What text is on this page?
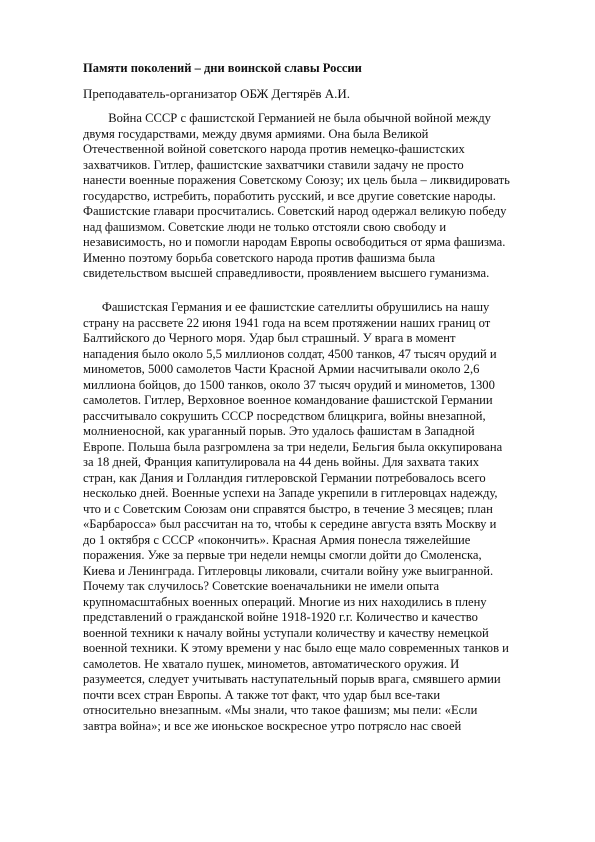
Памяти поколений – дни воинской славы России
Преподаватель-организатор ОБЖ Дегтярёв А.И.
Война СССР с фашистской Германией не была обычной войной между
двумя государствами, между двумя армиями. Она была Великой
Отечественной войной советского народа против немецко-фашистских
захватчиков. Гитлер, фашистские захватчики ставили задачу не просто
нанести военные поражения Советскому Союзу; их цель была – ликвидировать
государство, истребить, поработить русский, и все другие советские народы.
Фашистские главари просчитались. Советский народ одержал великую победу
над фашизмом. Советские люди не только отстояли свою свободу и
независимость, но и помогли народам Европы освободиться от ярма фашизма.
Именно поэтому борьба советского народа против фашизма была
свидетельством высшей справедливости, проявлением высшего гуманизма.
Фашистская Германия и ее фашистские сателлиты обрушились на нашу
страну на рассвете 22 июня 1941 года на всем протяжении наших границ от
Балтийского до Черного моря. Удар был страшный. У врага в момент
нападения было около 5,5 миллионов солдат, 4500 танков, 47 тысяч орудий и
минометов, 5000 самолетов Части Красной Армии насчитывали около 2,6
миллиона бойцов, до 1500 танков, около 37 тысяч орудий и минометов, 1300
самолетов. Гитлер, Верховное военное командование фашистской Германии
рассчитывало сокрушить СССР посредством блицкрига, войны внезапной,
молниеносной, как ураганный порыв. Это удалось фашистам в Западной
Европе. Польша была разгромлена за три недели, Бельгия была оккупирована
за 18 дней, Франция капитулировала на 44 день войны. Для захвата таких
стран, как Дания и Голландия гитлеровской Германии потребовалось всего
несколько дней. Военные успехи на Западе укрепили в гитлеровцах надежду,
что и с Советским Союзам они справятся быстро, в течение 3 месяцев; план
«Барбаросса» был рассчитан на то, чтобы к середине августа взять Москву и
до 1 октября с СССР «покончить». Красная Армия понесла тяжелейшие
поражения. Уже за первые три недели немцы смогли дойти до Смоленска,
Киева и Ленинграда. Гитлеровцы ликовали, считали войну уже выигранной.
Почему так случилось? Советские военачальники не имели опыта
крупномасштабных военных операций. Многие из них находились в плену
представлений о гражданской войне 1918-1920 г.г. Количество и качество
военной техники к началу войны уступали количеству и качеству немецкой
военной техники. К этому времени у нас было еще мало современных танков и
самолетов. Не хватало пушек, минометов, автоматического оружия. И
разумеется, следует учитывать наступательный порыв врага, смявшего армии
почти всех стран Европы. А также тот факт, что удар был все-таки
относительно внезапным. «Мы знали, что такое фашизм; мы пели: «Если
завтра война»; и все же июньское воскресное утро потрясло нас своей
